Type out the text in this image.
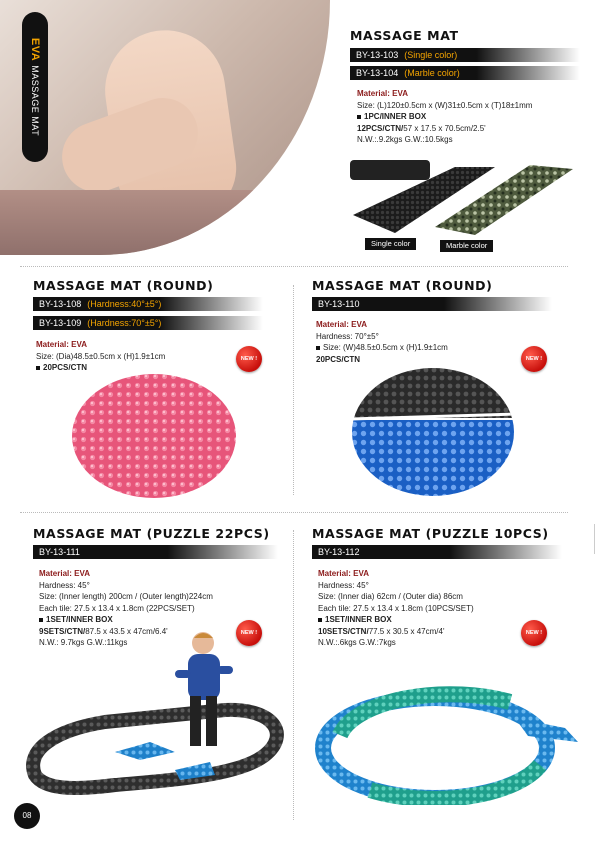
EVAMASSAGE MAT
MASSAGE MAT
BY-13-103 (Single color)
BY-13-104 (Marble color)
Material: EVA
Size: (L)120±0.5cm x (W)31±0.5cm x (T)18±1mm
1PC/INNER BOX
12PCS/CTN/57 x 17.5 x 70.5cm/2.5'
N.W.:.9.2kgs G.W.:10.5kgs
Single color	Marble color
MASSAGE MAT (ROUND)
BY-13-108 (Hardness:40°±5°)
BY-13-109 (Hardness:70°±5°)
Material: EVA
Size: (Dia)48.5±0.5cm x (H)1.9±1cm
20PCS/CTN
NEW !
MASSAGE MAT (ROUND)
BY-13-110
Material: EVA
Hardness: 70°±5°
Size: (W)48.5±0.5cm x (H)1.9±1cm
20PCS/CTN	NEW !
MASSAGE MAT (PUZZLE 22PCS)
BY-13-111
Material: EVA
Hardness: 45°
Size: (Inner length) 200cm / (Outer length)224cm
Each tile: 27.5 x 13.4 x 1.8cm (22PCS/SET)
1SET/INNER BOX
9SETS/CTN/87.5 x 43.5 x 47cm/6.4'
N.W.: 9.7kgs G.W.:11kgs
NEW !
MASSAGE MAT (PUZZLE 10PCS)
BY-13-112
Material: EVA
Hardness: 45°
Size: (Inner dia) 62cm / (Outer dia) 86cm
Each tile: 27.5 x 13.4 x 1.8cm (10PCS/SET)
1SET/INNER BOX
10SETS/CTN/77.5 x 30.5 x 47cm/4'
N.W.:.6kgs G.W.:7kgs
NEW !
08
